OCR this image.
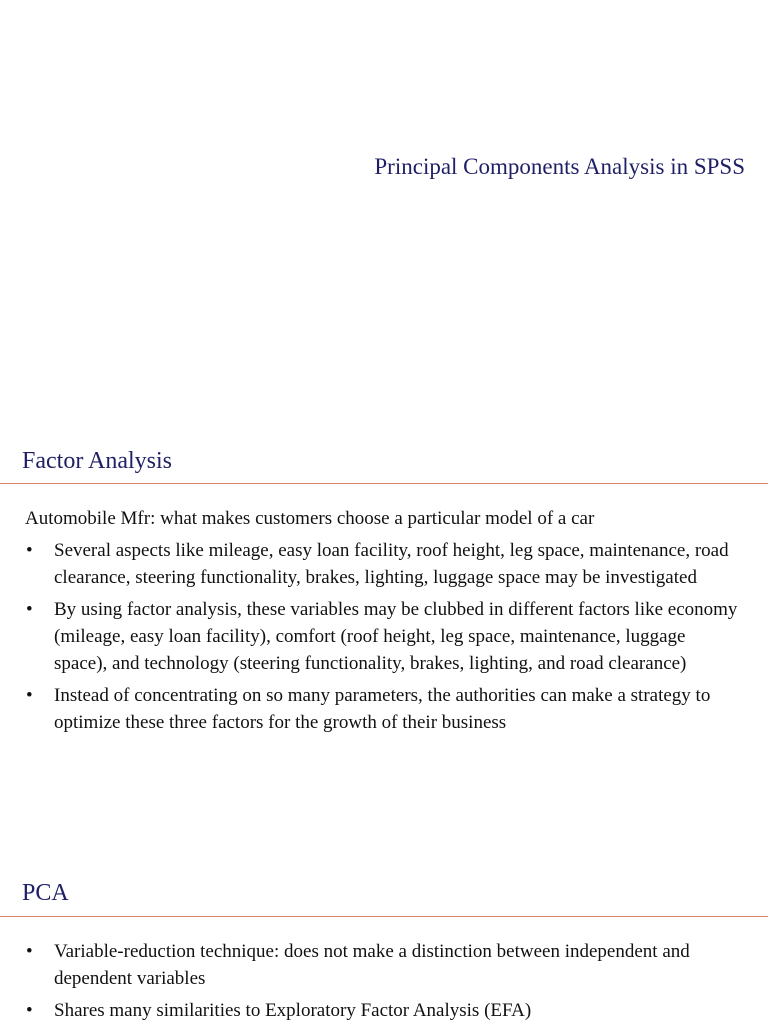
Principal Components Analysis in SPSS
Factor Analysis
Automobile Mfr: what makes customers choose a particular model of a car
•	Several aspects like mileage, easy loan facility, roof height, leg space, maintenance, road clearance, steering functionality, brakes, lighting, luggage space may be investigated
•	By using factor analysis, these variables may be clubbed in different factors like economy (mileage, easy loan facility), comfort (roof height, leg space, maintenance, luggage space), and technology (steering functionality, brakes, lighting, and road clearance)
•	Instead of concentrating on so many parameters, the authorities can make a strategy to optimize these three factors for the growth of their business
PCA
•	Variable-reduction technique: does not make a distinction between independent and dependent variables
•	Shares many similarities to Exploratory Factor Analysis (EFA)
